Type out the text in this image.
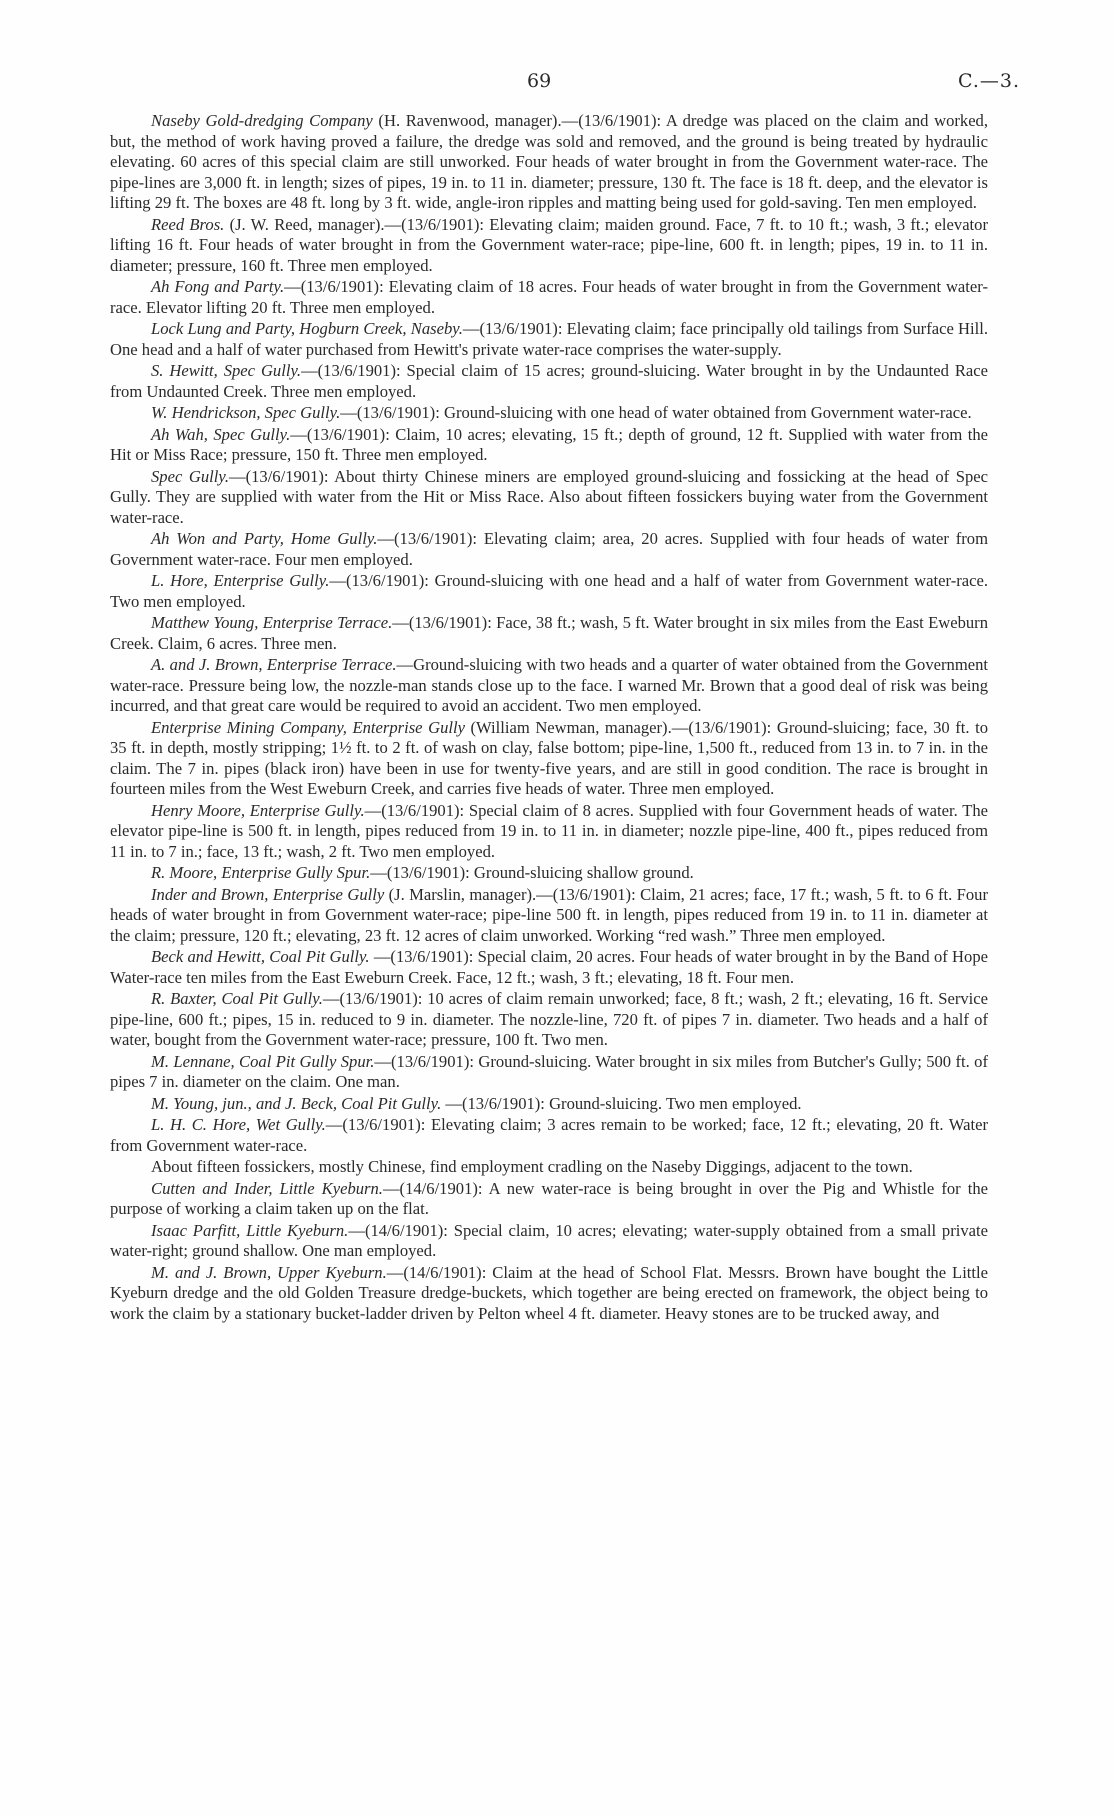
69	C.—3.

Naseby Gold-dredging Company (H. Ravenwood, manager).—(13/6/1901): A dredge was placed on the claim and worked, but, the method of work having proved a failure, the dredge was sold and removed, and the ground is being treated by hydraulic elevating. 60 acres of this special claim are still unworked. Four heads of water brought in from the Government water-race. The pipe-lines are 3,000 ft. in length; sizes of pipes, 19 in. to 11 in. diameter; pressure, 130 ft. The face is 18 ft. deep, and the elevator is lifting 29 ft. The boxes are 48 ft. long by 3 ft. wide, angle-iron ripples and matting being used for gold-saving. Ten men employed.

Reed Bros. (J. W. Reed, manager).—(13/6/1901): Elevating claim; maiden ground. Face, 7 ft. to 10 ft.; wash, 3 ft.; elevator lifting 16 ft. Four heads of water brought in from the Government water-race; pipe-line, 600 ft. in length; pipes, 19 in. to 11 in. diameter; pressure, 160 ft. Three men employed.

Ah Fong and Party.—(13/6/1901): Elevating claim of 18 acres. Four heads of water brought in from the Government water-race. Elevator lifting 20 ft. Three men employed.

Lock Lung and Party, Hogburn Creek, Naseby.—(13/6/1901): Elevating claim; face principally old tailings from Surface Hill. One head and a half of water purchased from Hewitt's private water-race comprises the water-supply.

S. Hewitt, Spec Gully.—(13/6/1901): Special claim of 15 acres; ground-sluicing. Water brought in by the Undaunted Race from Undaunted Creek. Three men employed.

W. Hendrickson, Spec Gully.—(13/6/1901): Ground-sluicing with one head of water obtained from Government water-race.

Ah Wah, Spec Gully.—(13/6/1901): Claim, 10 acres; elevating, 15 ft.; depth of ground, 12 ft. Supplied with water from the Hit or Miss Race; pressure, 150 ft. Three men employed.

Spec Gully.—(13/6/1901): About thirty Chinese miners are employed ground-sluicing and fossicking at the head of Spec Gully. They are supplied with water from the Hit or Miss Race. Also about fifteen fossickers buying water from the Government water-race.

Ah Won and Party, Home Gully.—(13/6/1901): Elevating claim; area, 20 acres. Supplied with four heads of water from Government water-race. Four men employed.

L. Hore, Enterprise Gully.—(13/6/1901): Ground-sluicing with one head and a half of water from Government water-race. Two men employed.

Matthew Young, Enterprise Terrace.—(13/6/1901): Face, 38 ft.; wash, 5 ft. Water brought in six miles from the East Eweburn Creek. Claim, 6 acres. Three men.

A. and J. Brown, Enterprise Terrace.—Ground-sluicing with two heads and a quarter of water obtained from the Government water-race. Pressure being low, the nozzle-man stands close up to the face. I warned Mr. Brown that a good deal of risk was being incurred, and that great care would be required to avoid an accident. Two men employed.

Enterprise Mining Company, Enterprise Gully (William Newman, manager).—(13/6/1901): Ground-sluicing; face, 30 ft. to 35 ft. in depth, mostly stripping; 1½ ft. to 2 ft. of wash on clay, false bottom; pipe-line, 1,500 ft., reduced from 13 in. to 7 in. in the claim. The 7 in. pipes (black iron) have been in use for twenty-five years, and are still in good condition. The race is brought in fourteen miles from the West Eweburn Creek, and carries five heads of water. Three men employed.

Henry Moore, Enterprise Gully.—(13/6/1901): Special claim of 8 acres. Supplied with four Government heads of water. The elevator pipe-line is 500 ft. in length, pipes reduced from 19 in. to 11 in. in diameter; nozzle pipe-line, 400 ft., pipes reduced from 11 in. to 7 in.; face, 13 ft.; wash, 2 ft. Two men employed.

R. Moore, Enterprise Gully Spur.—(13/6/1901): Ground-sluicing shallow ground.

Inder and Brown, Enterprise Gully (J. Marslin, manager).—(13/6/1901): Claim, 21 acres; face, 17 ft.; wash, 5 ft. to 6 ft. Four heads of water brought in from Government water-race; pipe-line 500 ft. in length, pipes reduced from 19 in. to 11 in. diameter at the claim; pressure, 120 ft.; elevating, 23 ft. 12 acres of claim unworked. Working “red wash.” Three men employed.

Beck and Hewitt, Coal Pit Gully. —(13/6/1901): Special claim, 20 acres. Four heads of water brought in by the Band of Hope Water-race ten miles from the East Eweburn Creek. Face, 12 ft.; wash, 3 ft.; elevating, 18 ft. Four men.

R. Baxter, Coal Pit Gully.—(13/6/1901): 10 acres of claim remain unworked; face, 8 ft.; wash, 2 ft.; elevating, 16 ft. Service pipe-line, 600 ft.; pipes, 15 in. reduced to 9 in. diameter. The nozzle-line, 720 ft. of pipes 7 in. diameter. Two heads and a half of water, bought from the Government water-race; pressure, 100 ft. Two men.

M. Lennane, Coal Pit Gully Spur.—(13/6/1901): Ground-sluicing. Water brought in six miles from Butcher's Gully; 500 ft. of pipes 7 in. diameter on the claim. One man.

M. Young, jun., and J. Beck, Coal Pit Gully. —(13/6/1901): Ground-sluicing. Two men employed.

L. H. C. Hore, Wet Gully.—(13/6/1901): Elevating claim; 3 acres remain to be worked; face, 12 ft.; elevating, 20 ft. Water from Government water-race.

About fifteen fossickers, mostly Chinese, find employment cradling on the Naseby Diggings, adjacent to the town.

Cutten and Inder, Little Kyeburn.—(14/6/1901): A new water-race is being brought in over the Pig and Whistle for the purpose of working a claim taken up on the flat.

Isaac Parfitt, Little Kyeburn.—(14/6/1901): Special claim, 10 acres; elevating; water-supply obtained from a small private water-right; ground shallow. One man employed.

M. and J. Brown, Upper Kyeburn.—(14/6/1901): Claim at the head of School Flat. Messrs. Brown have bought the Little Kyeburn dredge and the old Golden Treasure dredge-buckets, which together are being erected on framework, the object being to work the claim by a stationary bucket-ladder driven by Pelton wheel 4 ft. diameter. Heavy stones are to be trucked away, and
